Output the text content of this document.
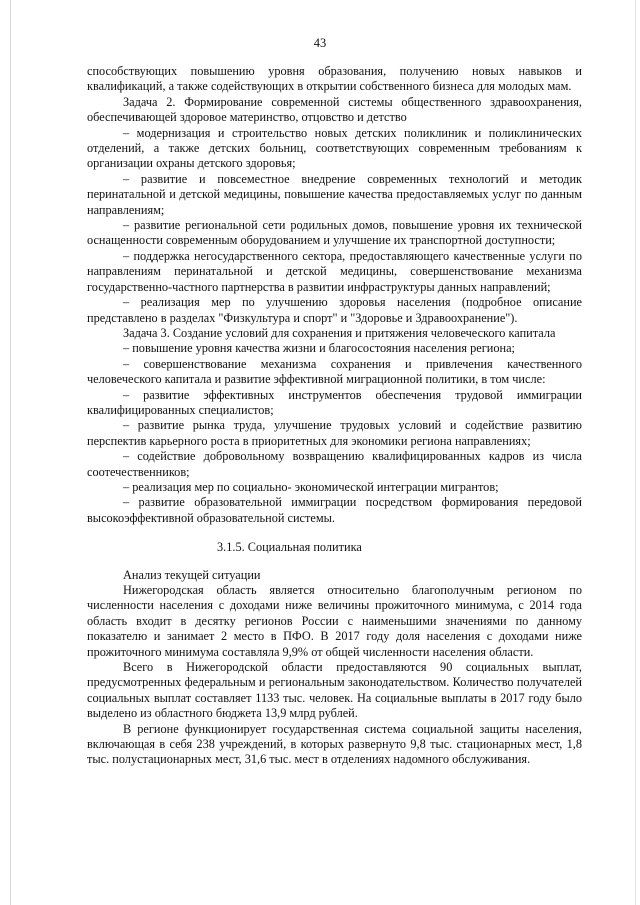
43

способствующих повышению уровня образования, получению новых навыков и квалификаций, а также содействующих в открытии собственного бизнеса для молодых мам.

Задача 2. Формирование современной системы общественного здравоохранения, обеспечивающей здоровое материнство, отцовство и детство

– модернизация и строительство новых детских поликлиник и поликлинических отделений, а также детских больниц, соответствующих современным требованиям к организации охраны детского здоровья;

– развитие и повсеместное внедрение современных технологий и методик перинатальной и детской медицины, повышение качества предоставляемых услуг по данным направлениям;

– развитие региональной сети родильных домов, повышение уровня их технической оснащенности современным оборудованием и улучшение их транспортной доступности;

– поддержка негосударственного сектора, предоставляющего качественные услуги по направлениям перинатальной и детской медицины, совершенствование механизма государственно-частного партнерства в развитии инфраструктуры данных направлений;

– реализация мер по улучшению здоровья населения (подробное описание представлено в разделах "Физкультура и спорт" и "Здоровье и Здравоохранение").

Задача 3. Создание условий для сохранения и притяжения человеческого капитала

– повышение уровня качества жизни и благосостояния населения региона;

– совершенствование механизма сохранения и привлечения качественного человеческого капитала и развитие эффективной миграционной политики, в том числе:

– развитие эффективных инструментов обеспечения трудовой иммиграции квалифицированных специалистов;

– развитие рынка труда, улучшение трудовых условий и содействие развитию перспектив карьерного роста в приоритетных для экономики региона направлениях;

– содействие добровольному возвращению квалифицированных кадров из числа соотечественников;

– реализация мер по социально- экономической интеграции мигрантов;

– развитие образовательной иммиграции посредством формирования передовой высокоэффективной образовательной системы.

3.1.5. Социальная политика

Анализ текущей ситуации

Нижегородская область является относительно благополучным регионом по численности населения с доходами ниже величины прожиточного минимума, с 2014 года область входит в десятку регионов России с наименьшими значениями по данному показателю и занимает 2 место в ПФО. В 2017 году доля населения с доходами ниже прожиточного минимума составляла 9,9% от общей численности населения области.

Всего в Нижегородской области предоставляются 90 социальных выплат, предусмотренных федеральным и региональным законодательством. Количество получателей социальных выплат составляет 1133 тыс. человек. На социальные выплаты в 2017 году было выделено из областного бюджета 13,9 млрд рублей.

В регионе функционирует государственная система социальной защиты населения, включающая в себя 238 учреждений, в которых развернуто 9,8 тыс. стационарных мест, 1,8 тыс. полустационарных мест, 31,6 тыс. мест в отделениях надомного обслуживания.
